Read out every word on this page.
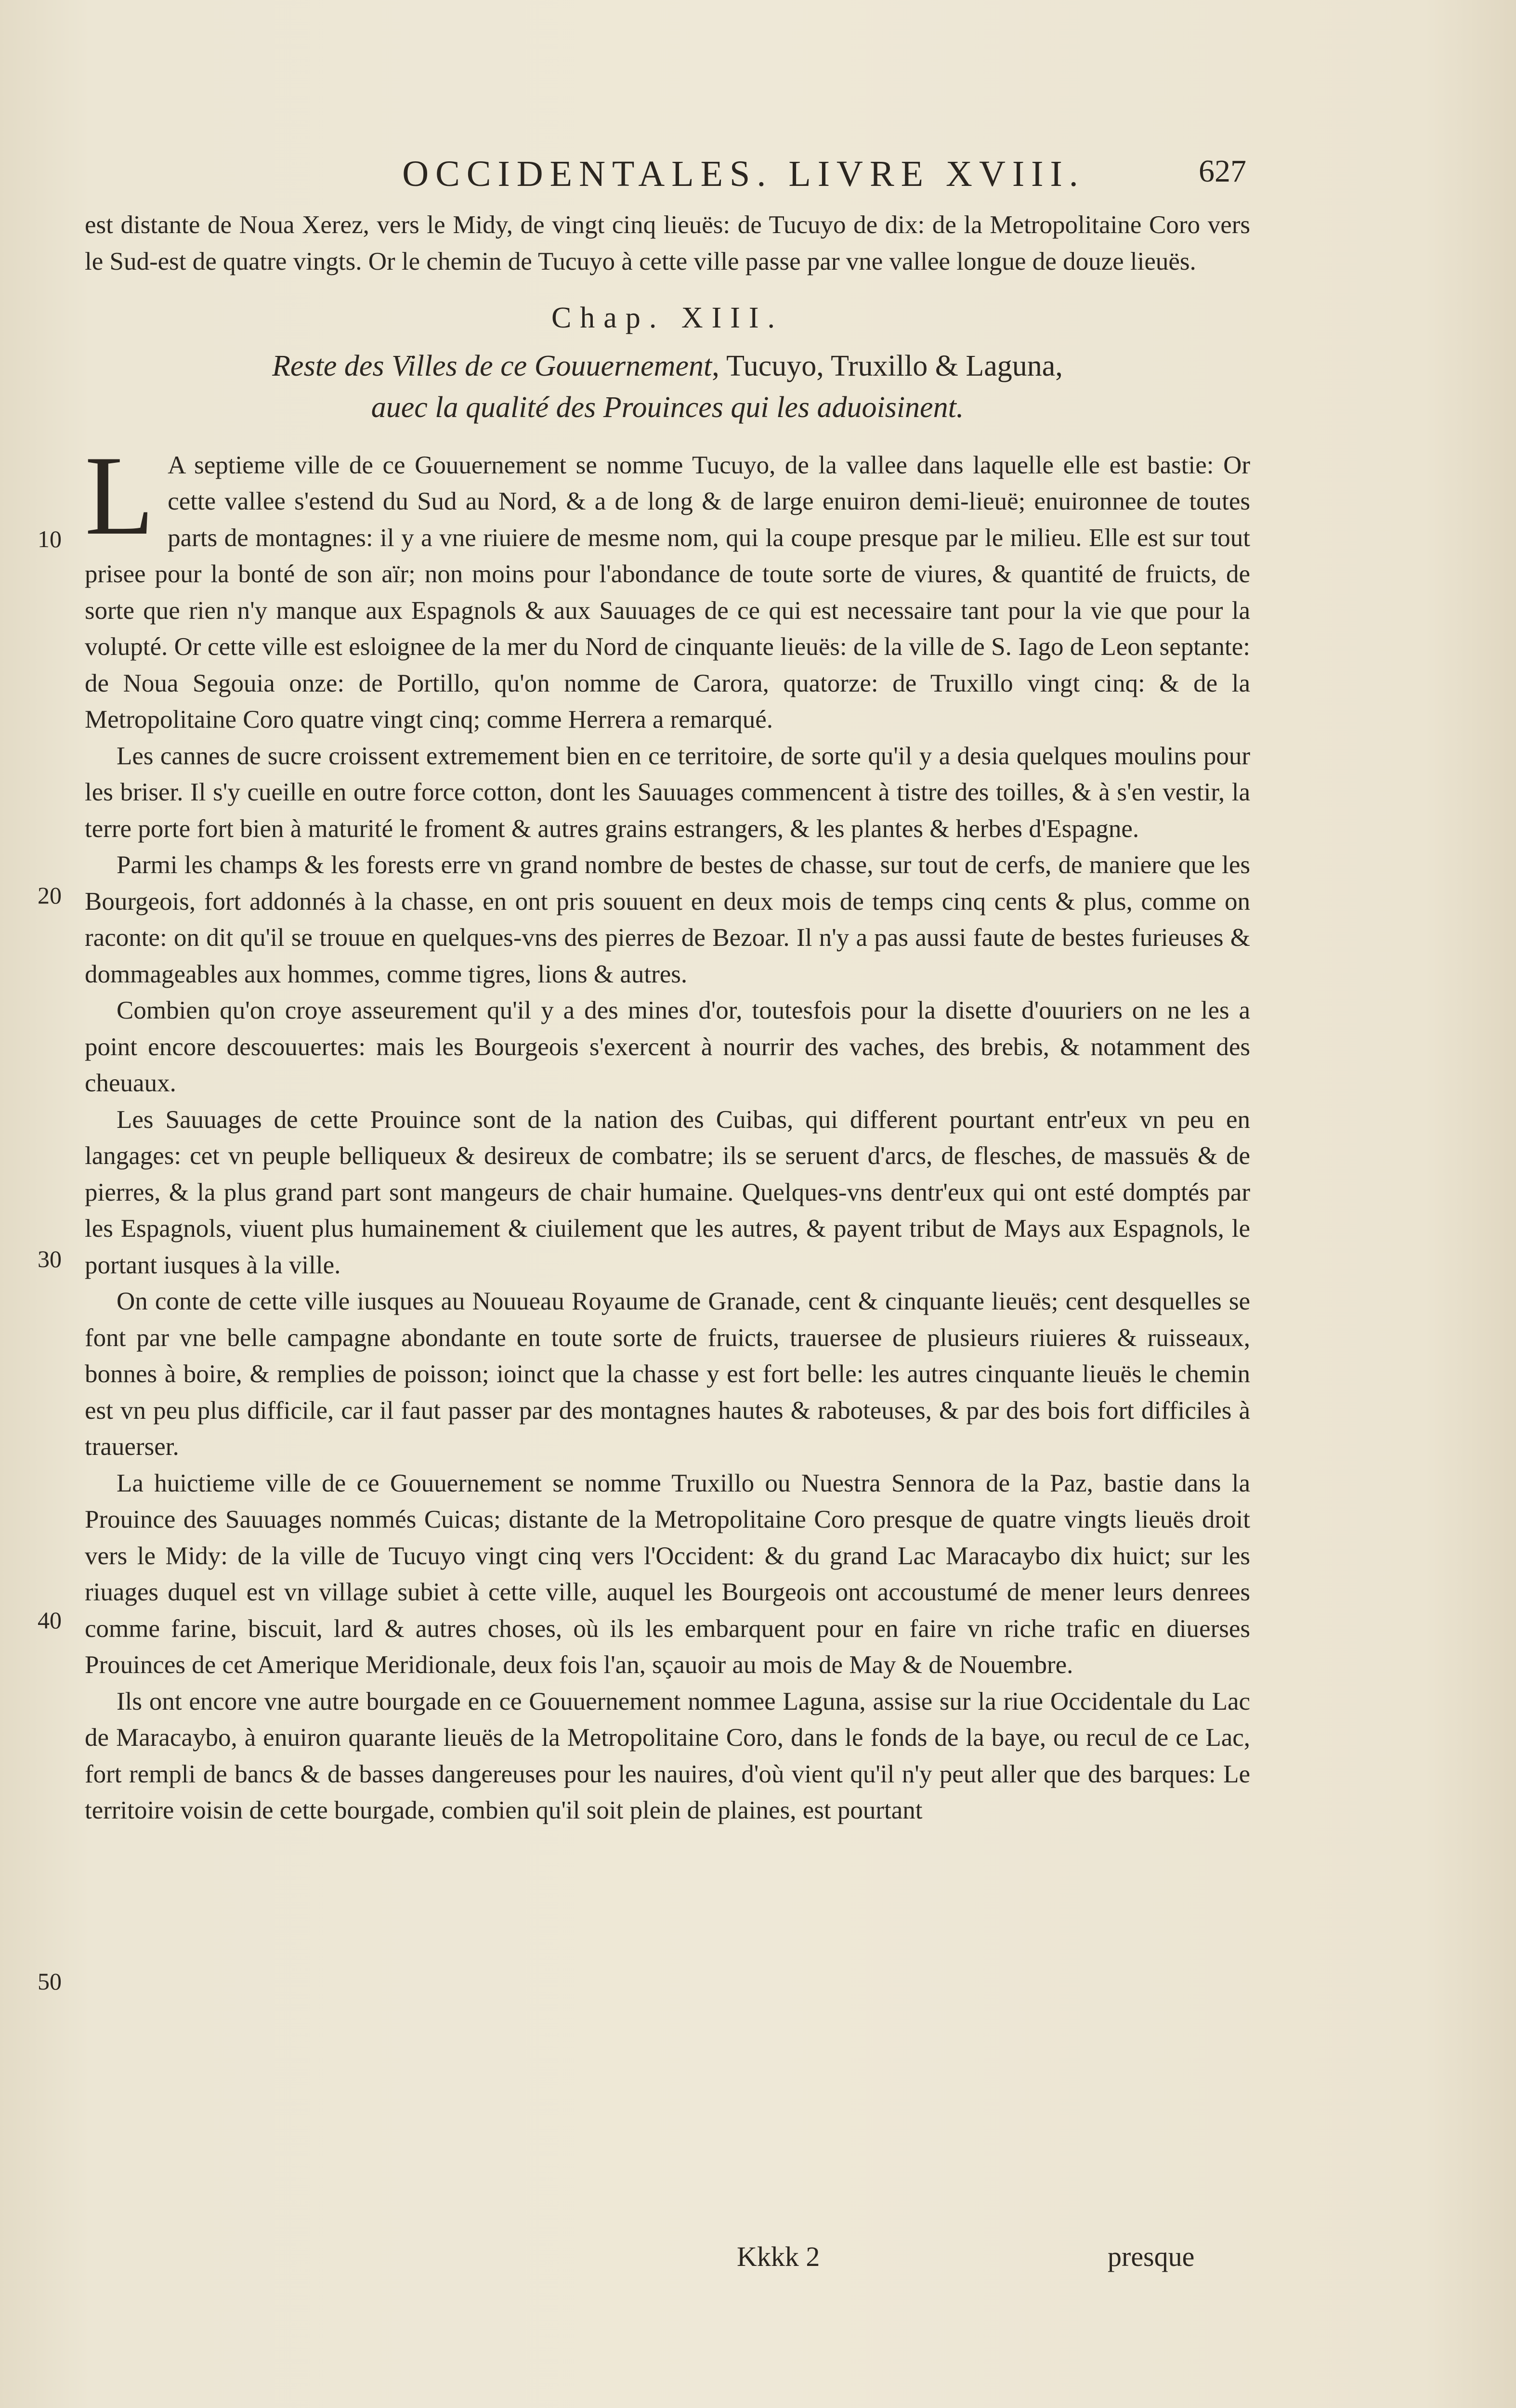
OCCIDENTALES. LIVRE XVIII.	627
10
20
30
40
50

est distante de Noua Xerez, vers le Midy, de vingt cinq lieuës: de Tucuyo de dix: de la Metropolitaine Coro vers le Sud-est de quatre vingts. Or le chemin de Tucuyo à cette ville passe par vne vallee longue de douze lieuës.

Chap. XIII.
Reste des Villes de ce Gouuernement, Tucuyo, Truxillo & Laguna,
auec la qualité des Prouinces qui les aduoisinent.

L A septieme ville de ce Gouuernement se nomme Tucuyo, de la vallee dans laquelle elle est bastie: Or cette vallee s'estend du Sud au Nord, & a de long & de large enuiron demi-lieuë; enuironnee de toutes parts de montagnes: il y a vne riuiere de mesme nom, qui la coupe presque par le milieu. Elle est sur tout prisee pour la bonté de son aïr; non moins pour l'abondance de toute sorte de viures, & quantité de fruicts, de sorte que rien n'y manque aux Espagnols & aux Sauuages de ce qui est necessaire tant pour la vie que pour la volupté. Or cette ville est esloignee de la mer du Nord de cinquante lieuës: de la ville de S. Iago de Leon septante: de Noua Segouia onze: de Portillo, qu'on nomme de Carora, quatorze: de Truxillo vingt cinq: & de la Metropolitaine Coro quatre vingt cinq; comme Herrera a remarqué.

Les cannes de sucre croissent extremement bien en ce territoire, de sorte qu'il y a desia quelques moulins pour les briser. Il s'y cueille en outre force cotton, dont les Sauuages commencent à tistre des toilles, & à s'en vestir, la terre porte fort bien à maturité le froment & autres grains estrangers, & les plantes & herbes d'Espagne.

Parmi les champs & les forests erre vn grand nombre de bestes de chasse, sur tout de cerfs, de maniere que les Bourgeois, fort addonnés à la chasse, en ont pris souuent en deux mois de temps cinq cents & plus, comme on raconte: on dit qu'il se trouue en quelques-vns des pierres de Bezoar. Il n'y a pas aussi faute de bestes furieuses & dommageables aux hommes, comme tigres, lions & autres.

Combien qu'on croye asseurement qu'il y a des mines d'or, toutesfois pour la disette d'ouuriers on ne les a point encore descouuertes: mais les Bourgeois s'exercent à nourrir des vaches, des brebis, & notamment des cheuaux.

Les Sauuages de cette Prouince sont de la nation des Cuibas, qui different pourtant entr'eux vn peu en langages: cet vn peuple belliqueux & desireux de combatre; ils se seruent d'arcs, de flesches, de massuës & de pierres, & la plus grand part sont mangeurs de chair humaine. Quelques-vns dentr'eux qui ont esté domptés par les Espagnols, viuent plus humainement & ciuilement que les autres, & payent tribut de Mays aux Espagnols, le portant iusques à la ville.

On conte de cette ville iusques au Nouueau Royaume de Granade, cent & cinquante lieuës; cent desquelles se font par vne belle campagne abondante en toute sorte de fruicts, trauersee de plusieurs riuieres & ruisseaux, bonnes à boire, & remplies de poisson; ioinct que la chasse y est fort belle: les autres cinquante lieuës le chemin est vn peu plus difficile, car il faut passer par des montagnes hautes & raboteuses, & par des bois fort difficiles à trauerser.

La huictieme ville de ce Gouuernement se nomme Truxillo ou Nuestra Sennora de la Paz, bastie dans la Prouince des Sauuages nommés Cuicas; distante de la Metropolitaine Coro presque de quatre vingts lieuës droit vers le Midy: de la ville de Tucuyo vingt cinq vers l'Occident: & du grand Lac Maracaybo dix huict; sur les riuages duquel est vn village subiet à cette ville, auquel les Bourgeois ont accoustumé de mener leurs denrees comme farine, biscuit, lard & autres choses, où ils les embarquent pour en faire vn riche trafic en diuerses Prouinces de cet Amerique Meridionale, deux fois l'an, sçauoir au mois de May & de Nouembre.

Ils ont encore vne autre bourgade en ce Gouuernement nommee Laguna, assise sur la riue Occidentale du Lac de Maracaybo, à enuiron quarante lieuës de la Metropolitaine Coro, dans le fonds de la baye, ou recul de ce Lac, fort rempli de bancs & de basses dangereuses pour les nauires, d'où vient qu'il n'y peut aller que des barques: Le territoire voisin de cette bourgade, combien qu'il soit plein de plaines, est pourtant

Kkkk 2	presque
